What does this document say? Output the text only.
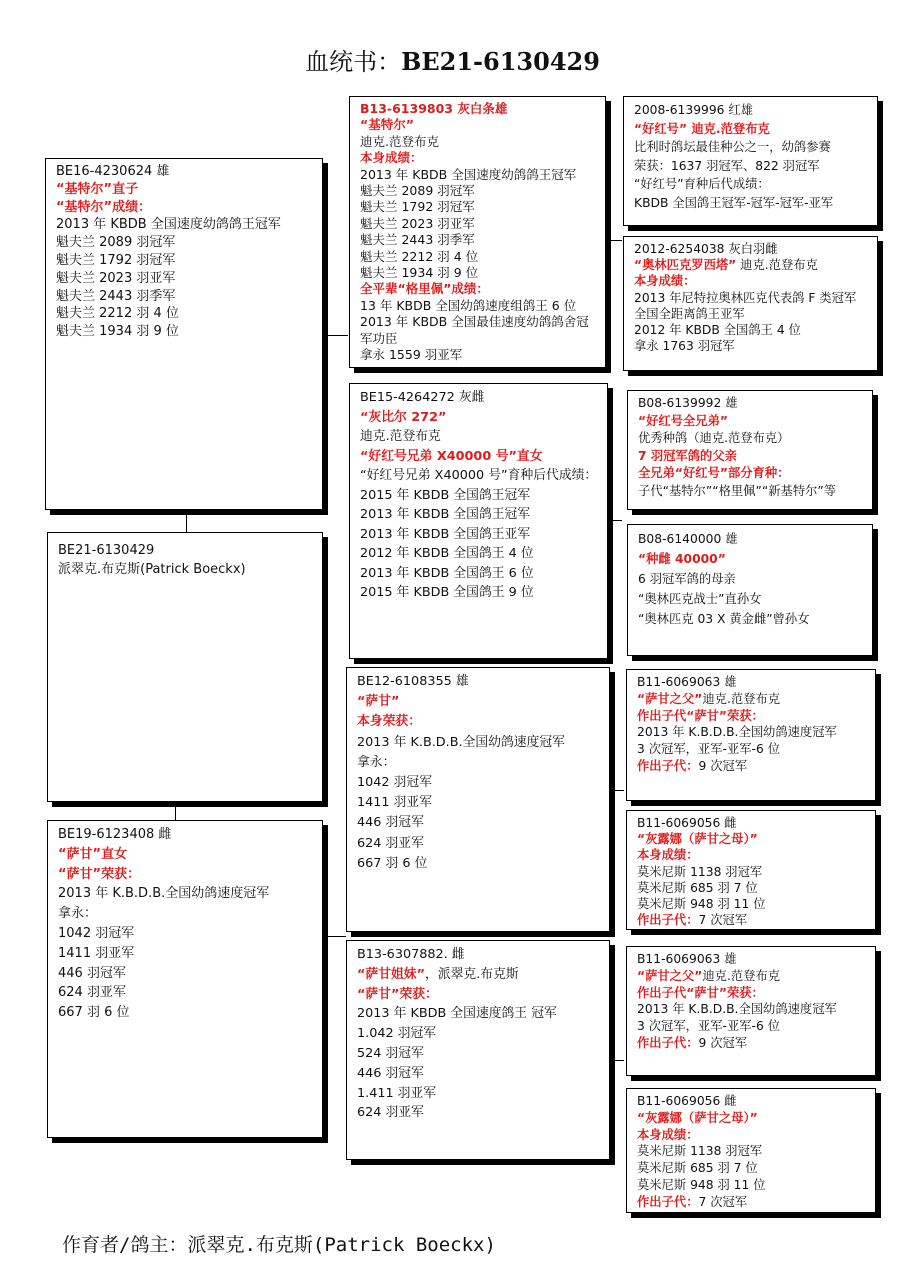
血统书：BE21-6130429
BE16-4230624 雄
“基特尔”直子
“基特尔”成绩：
2013 年 KBDB 全国速度幼鸽鸽王冠军
魁夫兰 2089 羽冠军
魁夫兰 1792 羽冠军
魁夫兰 2023 羽亚军
魁夫兰 2443 羽季军
魁夫兰 2212 羽 4 位
魁夫兰 1934 羽 9 位
BE21-6130429
派翠克.布克斯(Patrick Boeckx)
BE19-6123408 雌
“萨甘”直女
“萨甘”荣获：
2013 年 K.B.D.B.全国幼鸽速度冠军
拿永：
1042 羽冠军
1411 羽亚军
446 羽冠军
624 羽亚军
667 羽 6 位
B13-6139803 灰白条雄
“基特尔”
迪克.范登布克
本身成绩：
2013 年 KBDB 全国速度幼鸽鸽王冠军
魁夫兰 2089 羽冠军
魁夫兰 1792 羽冠军
魁夫兰 2023 羽亚军
魁夫兰 2443 羽季军
魁夫兰 2212 羽 4 位
魁夫兰 1934 羽 9 位
全平辈“格里佩”成绩：
13 年 KBDB 全国幼鸽速度组鸽王 6 位
2013 年 KBDB 全国最佳速度幼鸽鸽舍冠军功臣
拿永 1559 羽亚军
BE15-4264272 灰雌
“灰比尔 272”
迪克.范登布克
“好红号兄弟 X40000 号”直女
“好红号兄弟 X40000 号”育种后代成绩：
2015 年 KBDB 全国鸽王冠军
2013 年 KBDB 全国鸽王冠军
2013 年 KBDB 全国鸽王亚军
2012 年 KBDB 全国鸽王 4 位
2013 年 KBDB 全国鸽王 6 位
2015 年 KBDB 全国鸽王 9 位
BE12-6108355 雄
“萨甘”
本身荣获：
2013 年 K.B.D.B.全国幼鸽速度冠军
拿永：
1042 羽冠军
1411 羽亚军
446 羽冠军
624 羽亚军
667 羽 6 位
B13-6307882. 雌
“萨甘姐妹”，派翠克.布克斯
“萨甘”荣获：
2013 年 KBDB 全国速度鸽王 冠军
1.042 羽冠军
524 羽冠军
446 羽冠军
1.411 羽亚军
624 羽亚军
2008-6139996 红雄
“好红号” 迪克.范登布克
比利时鸽坛最佳种公之一，幼鸽参赛
荣获：1637 羽冠军、822 羽冠军
“好红号”育种后代成绩：
KBDB 全国鸽王冠军-冠军-冠军-亚军
2012-6254038 灰白羽雌
“奥林匹克罗西塔” 迪克.范登布克
本身成绩：
2013 年尼特拉奥林匹克代表鸽 F 类冠军
全国全距离鸽王亚军
2012 年 KBDB 全国鸽王 4 位
拿永 1763 羽冠军
B08-6139992 雄
“好红号全兄弟”
优秀种鸽（迪克.范登布克）
7 羽冠军鸽的父亲
全兄弟“好红号”部分育种：
子代“基特尔”“格里佩”“新基特尔”等
B08-6140000 雄
“种雌 40000”
6 羽冠军鸽的母亲
“奥林匹克战士”直孙女
“奥林匹克 03 X 黄金雌”曾孙女
B11-6069063 雄
“萨甘之父”迪克.范登布克
作出子代“萨甘”荣获：
2013 年 K.B.D.B.全国幼鸽速度冠军
3 次冠军，亚军-亚军-6 位
作出子代：9 次冠军
B11-6069056 雌
“灰露娜（萨甘之母）”
本身成绩：
莫米尼斯 1138 羽冠军
莫米尼斯 685 羽 7 位
莫米尼斯 948 羽 11 位
作出子代：7 次冠军
B11-6069063 雄
“萨甘之父”迪克.范登布克
作出子代“萨甘”荣获：
2013 年 K.B.D.B.全国幼鸽速度冠军
3 次冠军，亚军-亚军-6 位
作出子代：9 次冠军
B11-6069056 雌
“灰露娜（萨甘之母）”
本身成绩：
莫米尼斯 1138 羽冠军
莫米尼斯 685 羽 7 位
莫米尼斯 948 羽 11 位
作出子代：7 次冠军
作育者/鸽主：派翠克.布克斯(Patrick Boeckx)
